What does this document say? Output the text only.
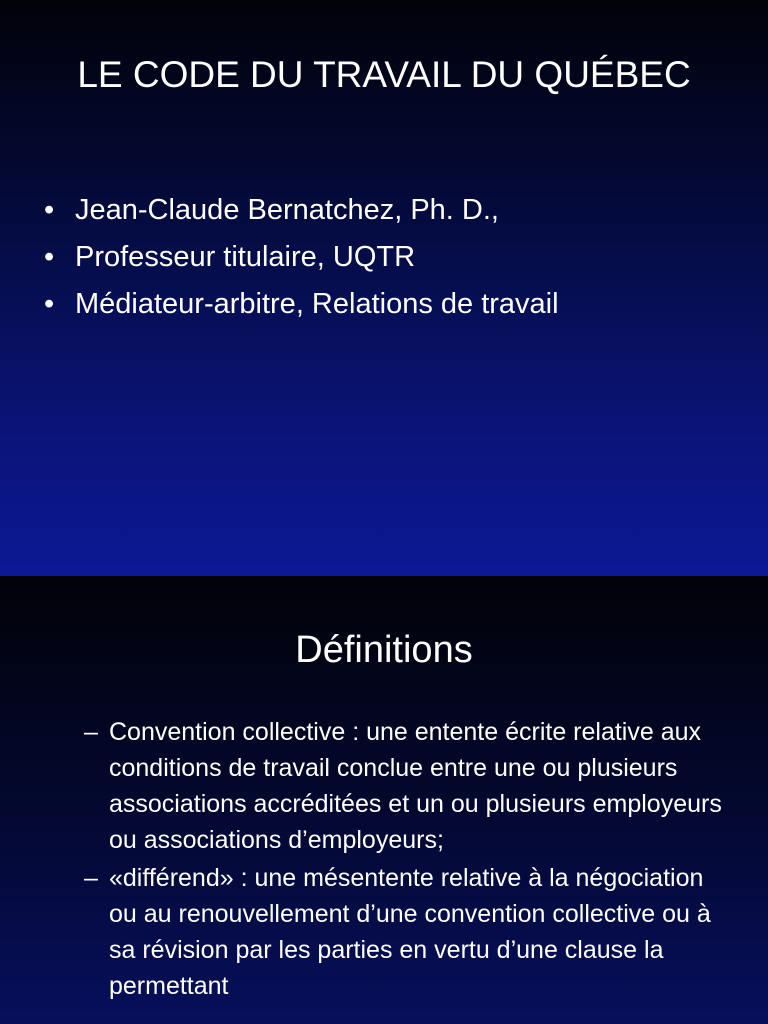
LE CODE DU TRAVAIL DU QUÉBEC
• Jean-Claude Bernatchez, Ph. D.,
• Professeur titulaire, UQTR
• Médiateur-arbitre, Relations de travail
Définitions
– Convention collective : une entente écrite relative aux conditions de travail conclue entre une ou plusieurs associations accréditées et un ou plusieurs employeurs ou associations d’employeurs;
– «différend» : une mésentente relative à la négociation ou au renouvellement d’une convention collective ou à sa révision par les parties en vertu d’une clause la permettant
